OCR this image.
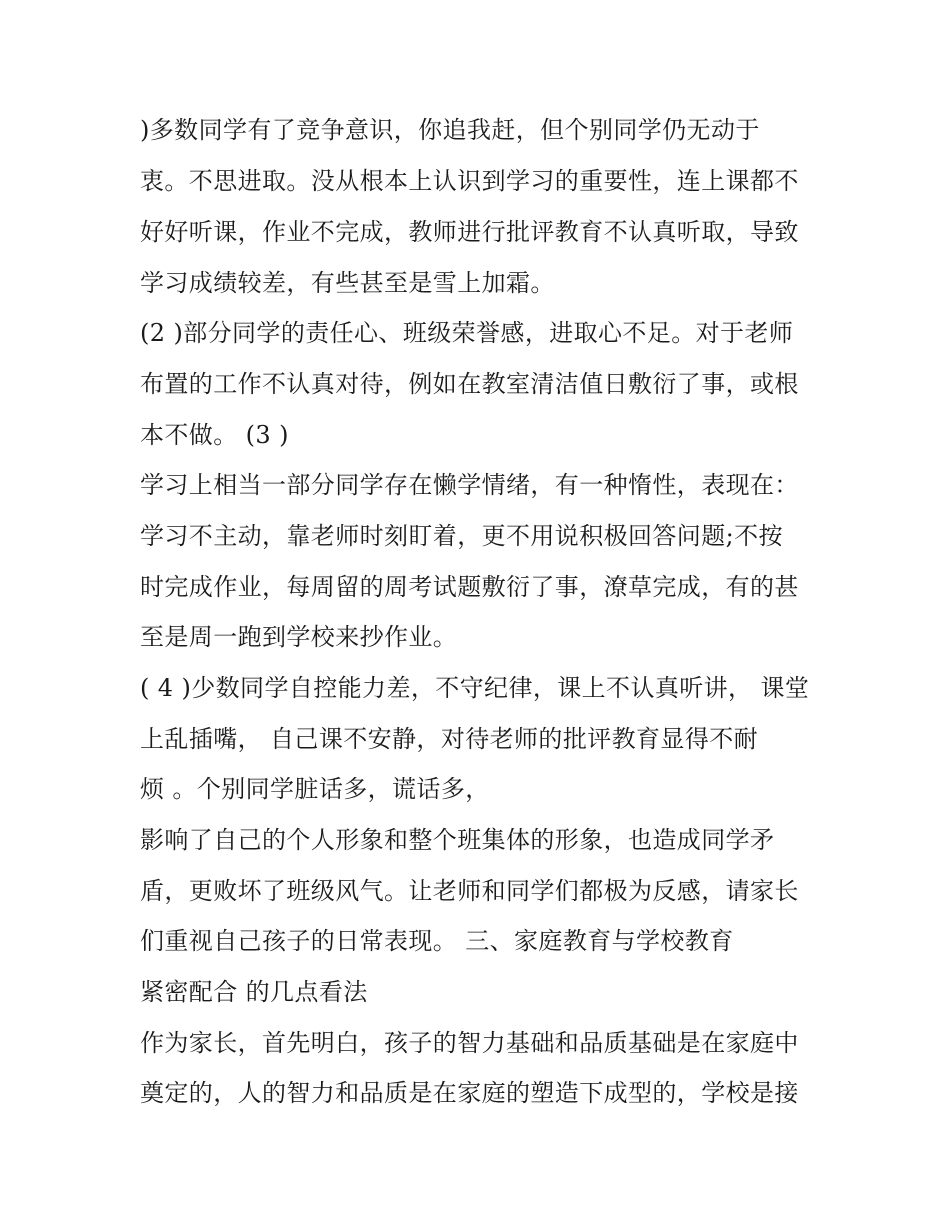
)多数同学有了竞争意识，你追我赶，但个别同学仍无动于
衷。不思进取。没从根本上认识到学习的重要性，连上课都不
好好听课，作业不完成，教师进行批评教育不认真听取，导致
学习成绩较差，有些甚至是雪上加霜。
(2 )部分同学的责任心、班级荣誉感，进取心不足。对于老师
布置的工作不认真对待，例如在教室清洁值日敷衍了事，或根
本不做。 (3 )
学习上相当一部分同学存在懒学情绪，有一种惰性，表现在：
学习不主动，靠老师时刻盯着，更不用说积极回答问题;不按
时完成作业，每周留的周考试题敷衍了事，潦草完成，有的甚
至是周一跑到学校来抄作业。
( 4 )少数同学自控能力差，不守纪律，课上不认真听讲， 课堂
上乱插嘴， 自己课不安静，对待老师的批评教育显得不耐
烦 。个别同学脏话多，谎话多，
影响了自己的个人形象和整个班集体的形象，也造成同学矛
盾，更败坏了班级风气。让老师和同学们都极为反感，请家长
们重视自己孩子的日常表现。 三、家庭教育与学校教育
紧密配合 的几点看法
作为家长，首先明白，孩子的智力基础和品质基础是在家庭中
奠定的，人的智力和品质是在家庭的塑造下成型的，学校是接
